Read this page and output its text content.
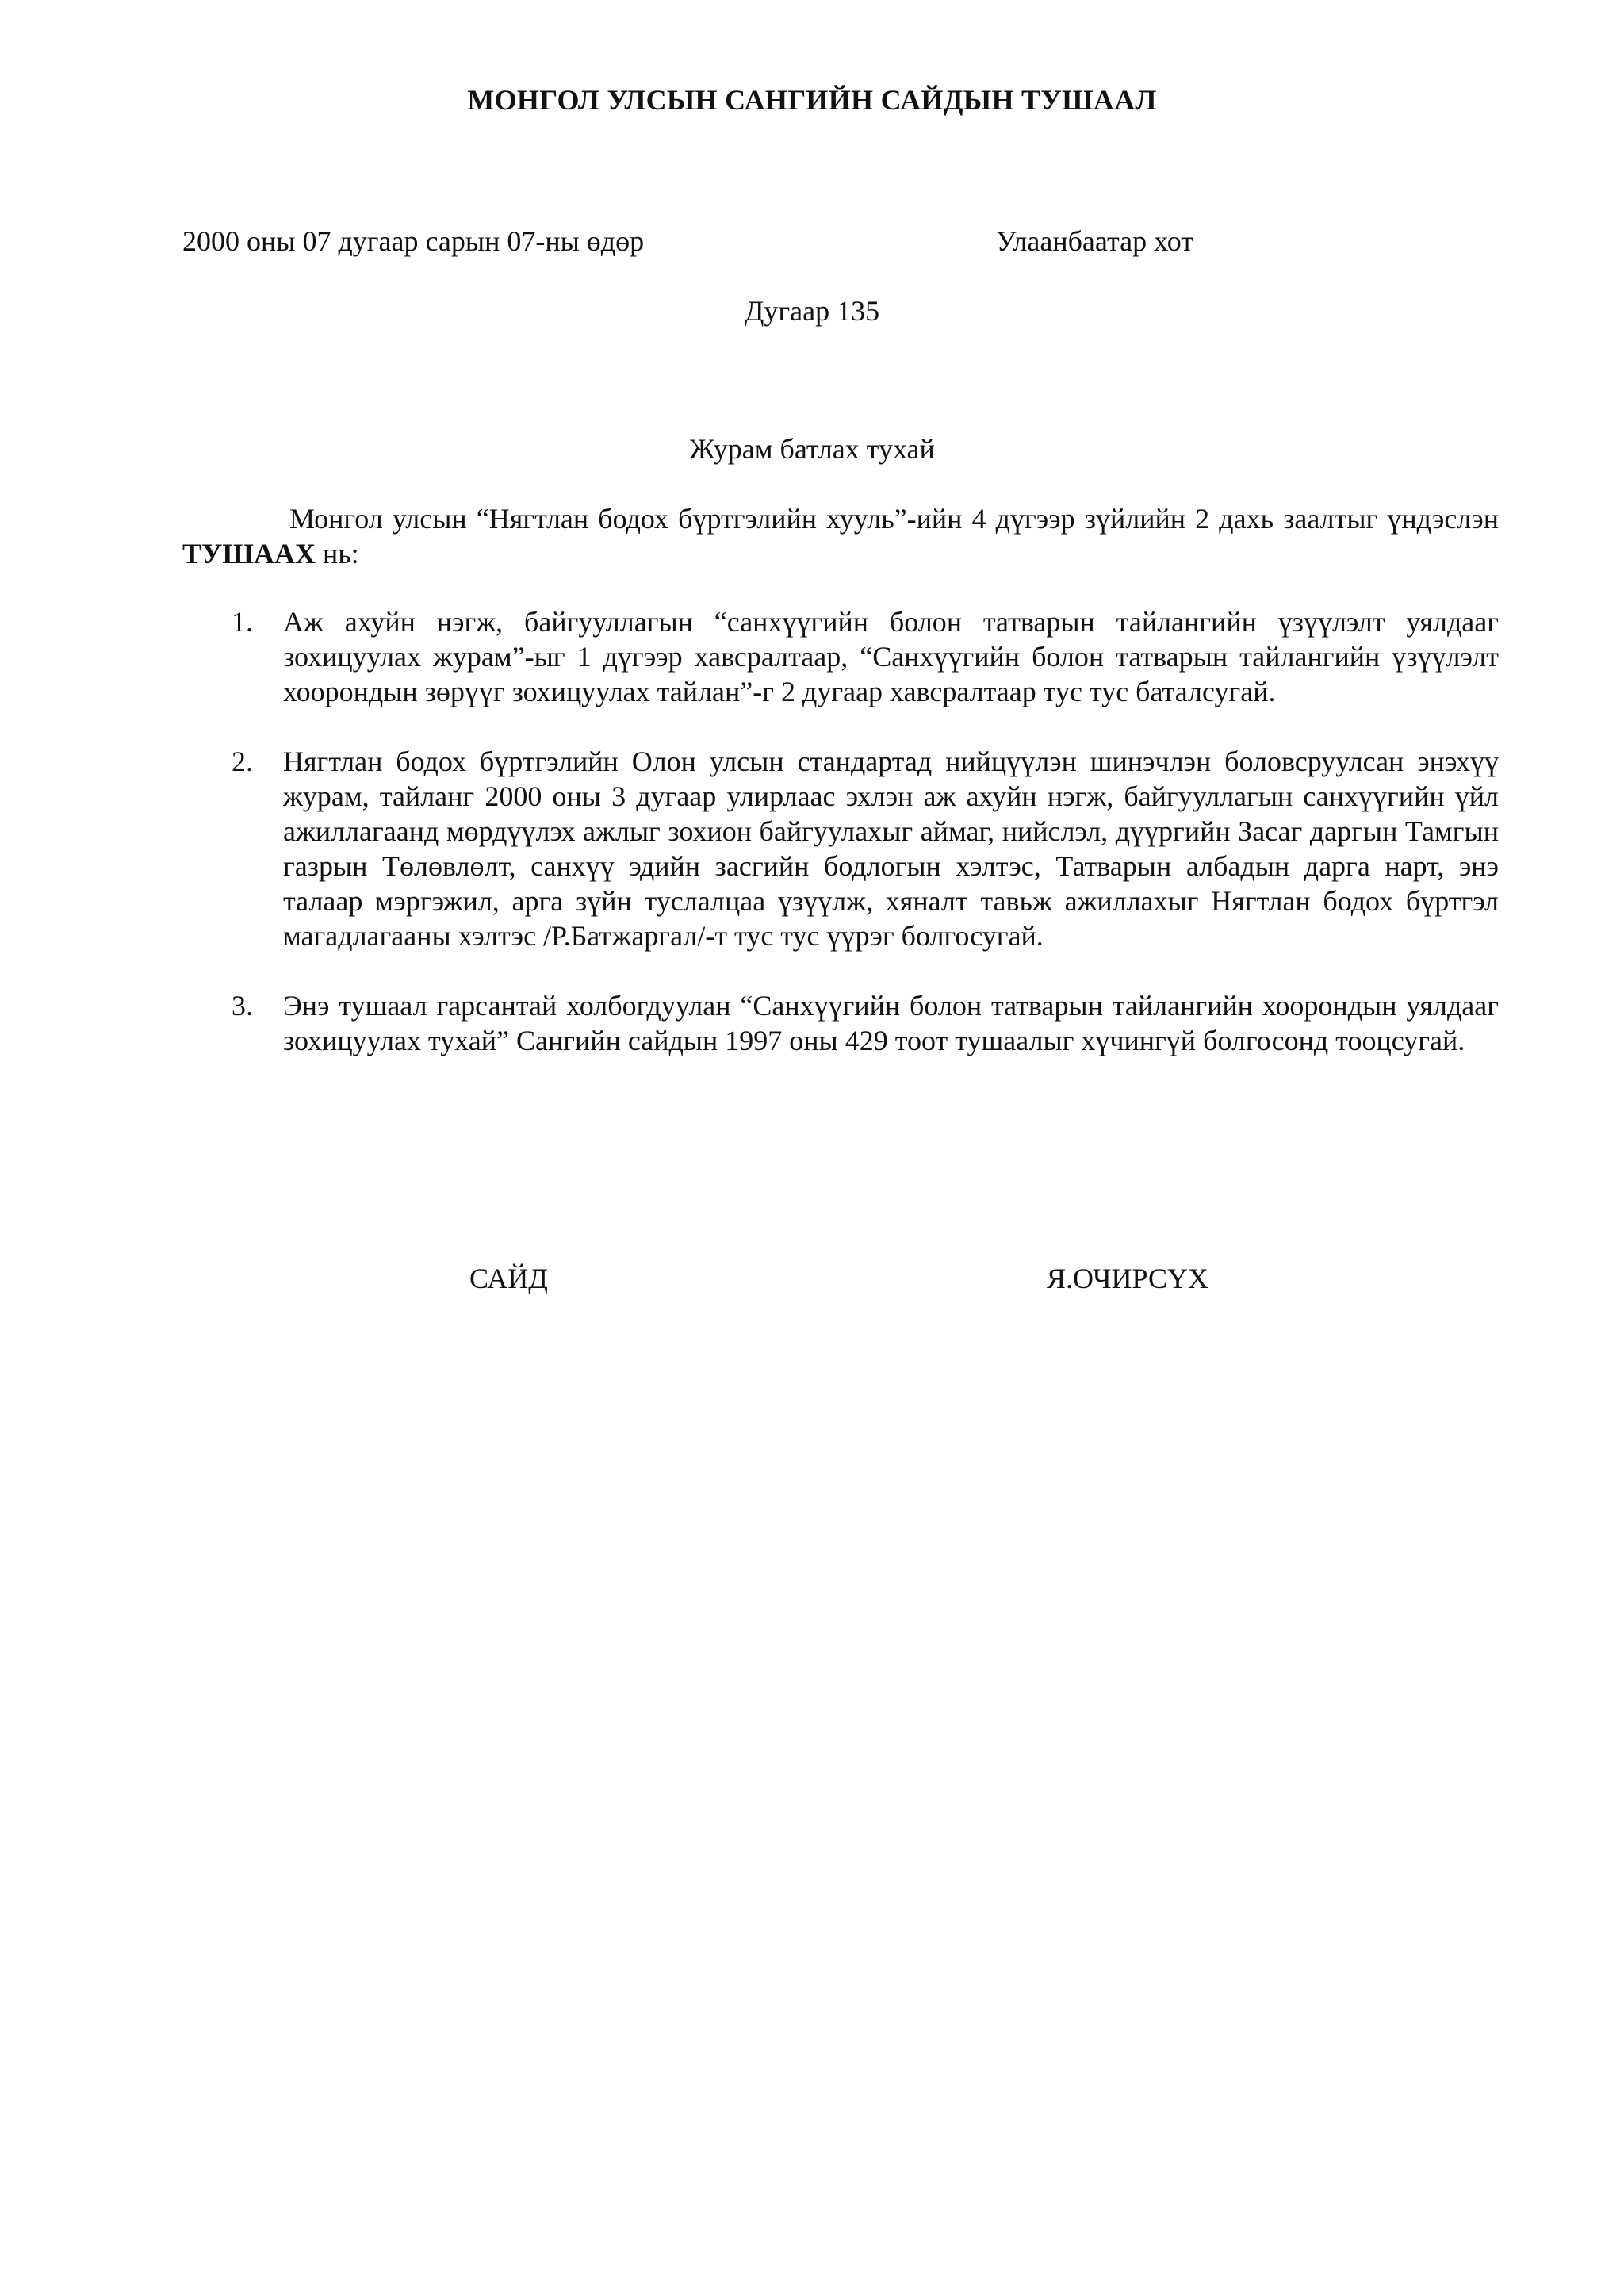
МОНГОЛ УЛСЫН САНГИЙН САЙДЫН ТУШААЛ
2000 оны 07 дугаар сарын 07-ны өдөр	Улаанбаатар хот
Дугаар 135
Журам батлах тухай
Монгол улсын “Нягтлан бодох бүртгэлийн хууль”-ийн 4 дүгээр зүйлийн 2 дахь заалтыг үндэслэн ТУШААХ нь:
1. Аж ахуйн нэгж, байгууллагын “санхүүгийн болон татварын тайлангийн үзүүлэлт уялдааг зохицуулах журам”-ыг 1 дүгээр хавсралтаар, “Санхүүгийн болон татварын тайлангийн үзүүлэлт хоорондын зөрүүг зохицуулах тайлан”-г 2 дугаар хавсралтаар тус тус баталсугай.
2. Нягтлан бодох бүртгэлийн Олон улсын стандартад нийцүүлэн шинэчлэн боловсруулсан энэхүү журам, тайланг 2000 оны 3 дугаар улирлаас эхлэн аж ахуйн нэгж, байгууллагын санхүүгийн үйл ажиллагаанд мөрдүүлэх ажлыг зохион байгуулахыг аймаг, нийслэл, дүүргийн Засаг даргын Тамгын газрын Төлөвлөлт, санхүү эдийн засгийн бодлогын хэлтэс, Татварын албадын дарга нарт, энэ талаар мэргэжил, арга зүйн туслалцаа үзүүлж, хяналт тавьж ажиллахыг Нягтлан бодох бүртгэл магадлагааны хэлтэс /Р.Батжаргал/-т тус тус үүрэг болгосугай.
3. Энэ тушаал гарсантай холбогдуулан “Санхүүгийн болон татварын тайлангийн хоорондын уялдааг зохицуулах тухай” Сангийн сайдын 1997 оны 429 тоот тушаалыг хүчингүй болгосонд тооцсугай.
САЙД	Я.ОЧИРСҮХ
